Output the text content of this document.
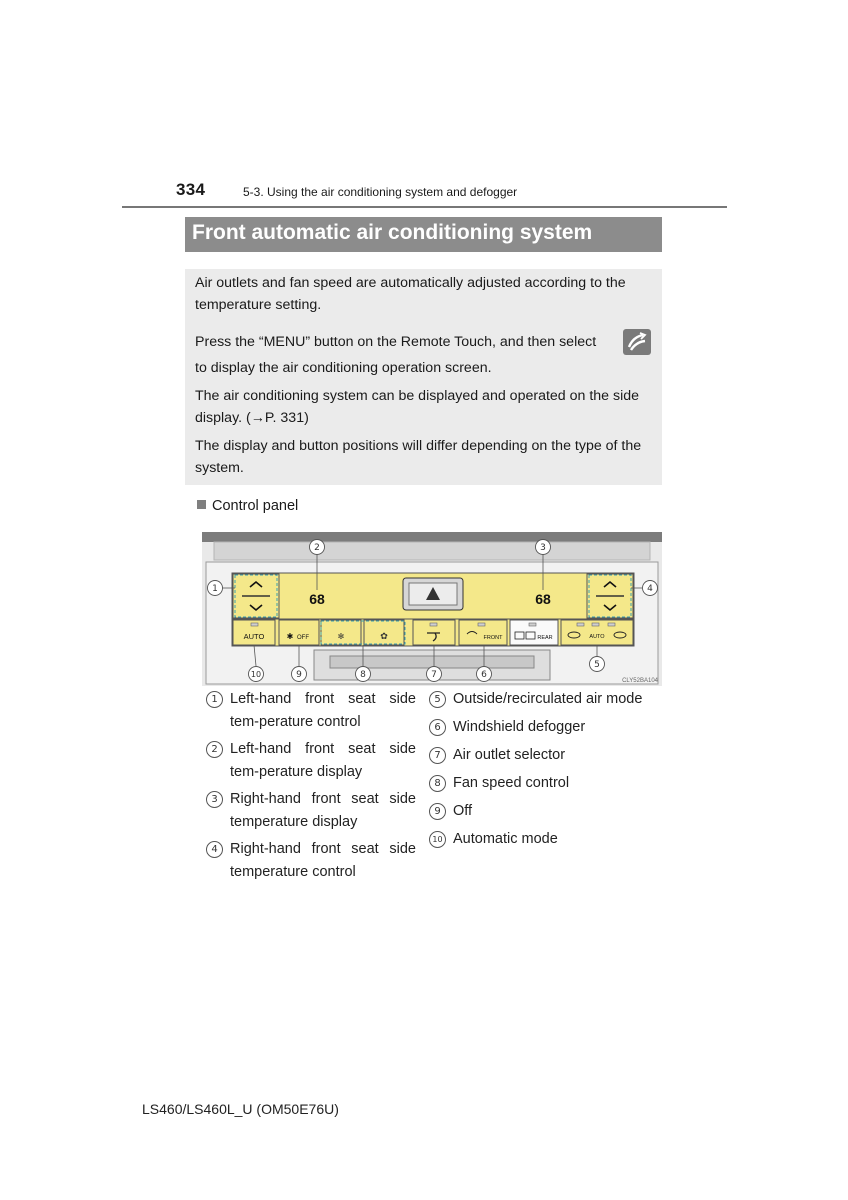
334	5-3. Using the air conditioning system and defogger
Front automatic air conditioning system

Air outlets and fan speed are automatically adjusted according to the temperature setting.

Press the “MENU” button on the Remote Touch, and then select

to display the air conditioning operation screen.

The air conditioning system can be displayed and operated on the side display. (→P. 331)

The display and button positions will differ depending on the type of the system.

Control panel
68	68
AUTO	OFF
✱	✻	✿	FRONT	REAR	AUTO
1
2	3
4
5
6
7
8
9
10
CLY52BA104
1 Left-hand front seat side tem-perature control
2 Left-hand front seat side tem-perature display
3 Right-hand front seat side temperature display
4 Right-hand front seat side temperature control
5 Outside/recirculated air mode
6 Windshield defogger
7 Air outlet selector
8 Fan speed control
9 Off
10 Automatic mode
LS460/LS460L_U (OM50E76U)
